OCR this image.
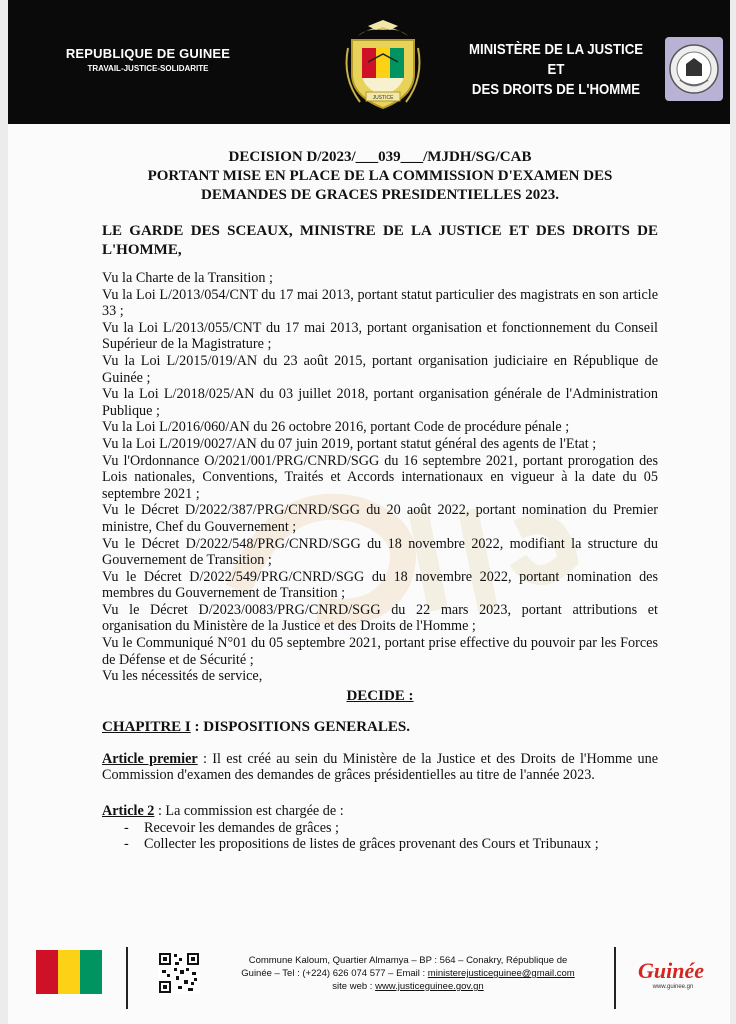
REPUBLIQUE DE GUINEE
TRAVAIL-JUSTICE-SOLIDARITE
JUSTICE
MINISTÈRE DE LA JUSTICE ET
DES DROITS DE L'HOMME
DECISION D/2023/___039___/MJDH/SG/CAB
PORTANT MISE EN PLACE DE LA COMMISSION D'EXAMEN DES
DEMANDES DE GRACES PRESIDENTIELLES 2023.
LE GARDE DES SCEAUX, MINISTRE DE LA JUSTICE ET DES DROITS DE L'HOMME,
Vu la Charte de la Transition ;
Vu la Loi L/2013/054/CNT du 17 mai 2013, portant statut particulier des magistrats en son article 33 ;
Vu la Loi L/2013/055/CNT du 17 mai 2013, portant organisation et fonctionnement du Conseil Supérieur de la Magistrature ;
Vu la Loi L/2015/019/AN du 23 août 2015, portant organisation judiciaire en République de Guinée ;
Vu la Loi L/2018/025/AN du 03 juillet 2018, portant organisation générale de l'Administration Publique ;
Vu la Loi L/2016/060/AN du 26 octobre 2016, portant Code de procédure pénale ;
Vu la Loi L/2019/0027/AN du 07 juin 2019, portant statut général des agents de l'Etat ;
Vu l'Ordonnance O/2021/001/PRG/CNRD/SGG du 16 septembre 2021, portant prorogation des Lois nationales, Conventions, Traités et Accords internationaux en vigueur à la date du 05 septembre 2021 ;
Vu le Décret D/2022/387/PRG/CNRD/SGG du 20 août 2022, portant nomination du Premier ministre, Chef du Gouvernement ;
Vu le Décret D/2022/548/PRG/CNRD/SGG du 18 novembre 2022, modifiant la structure du Gouvernement de Transition ;
Vu le Décret D/2022/549/PRG/CNRD/SGG du 18 novembre 2022, portant nomination des membres du Gouvernement de Transition ;
Vu le Décret D/2023/0083/PRG/CNRD/SGG du 22 mars 2023, portant attributions et organisation du Ministère de la Justice et des Droits de l'Homme ;
Vu le Communiqué N°01 du 05 septembre 2021, portant prise effective du pouvoir par les Forces de Défense et de Sécurité ;
Vu les nécessités de service,
DECIDE :
CHAPITRE I : DISPOSITIONS GENERALES.
Article premier : Il est créé au sein du Ministère de la Justice et des Droits de l'Homme une Commission d'examen des demandes de grâces présidentielles au titre de l'année 2023.
Article 2 : La commission est chargée de :
- Recevoir les demandes de grâces ;
- Collecter les propositions de listes de grâces provenant des Cours et Tribunaux ;
Commune Kaloum, Quartier Almamya – BP : 564 – Conakry, République de
Guinée – Tel : (+224) 626 074 577 – Email : ministerejusticeguinee@gmail.com
site web : www.justiceguinee.gov.gn
Guinée
www.guinee.gn
